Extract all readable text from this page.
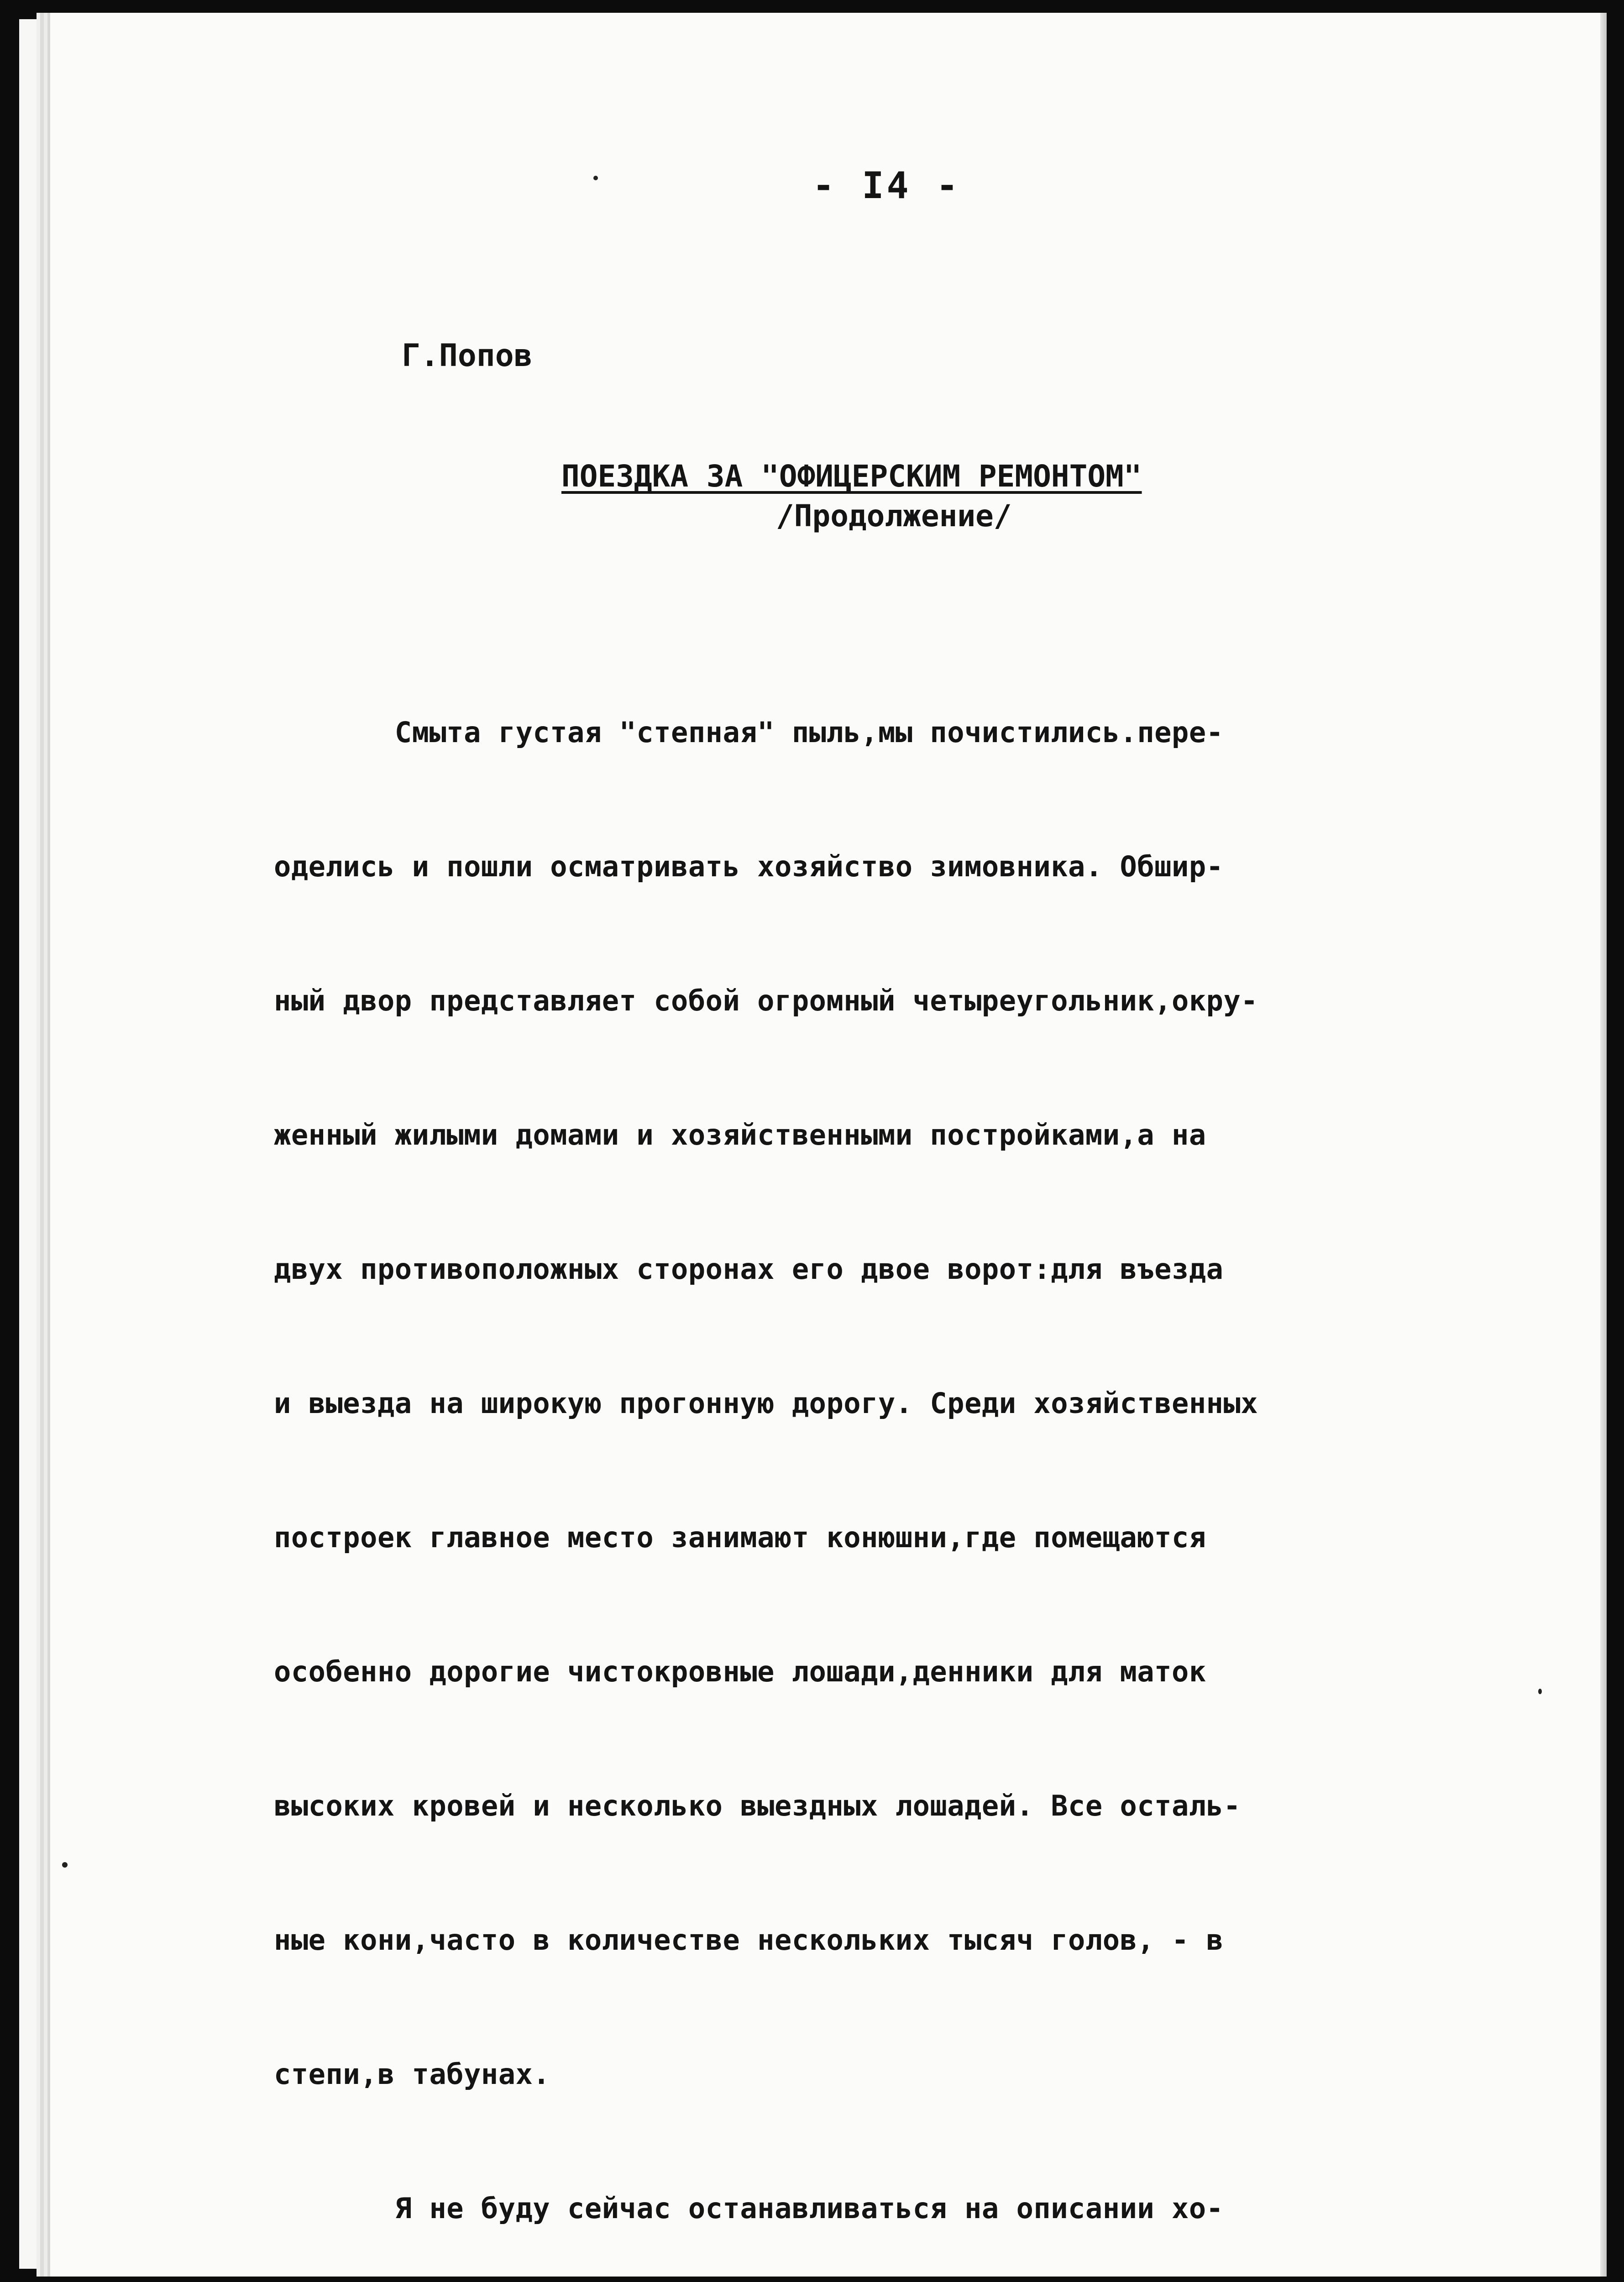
- I4 -
Г.Попов
ПОЕЗДКА ЗА "ОФИЦЕРСКИМ РЕМОНТОМ"
/Продолжение/

Смыта густая "степная" пыль,мы почистились.пере-

оделись и пошли осматривать хозяйство зимовника. Обшир-

ный двор представляет собой огромный четыреугольник,окру-

женный жилыми домами и хозяйственными постройками,а на

двух противоположных сторонах его двое ворот:для въезда

и выезда на широкую прогонную дорогу. Среди хозяйственных

построек главное место занимают конюшни,где помещаются

особенно дорогие чистокровные лошади,денники для маток

высоких кровей и несколько выездных лошадей. Все осталь-

ные кони,часто в количестве нескольких тысяч голов, - в

степи,в табунах.

Я не буду сейчас останавливаться на описании хо-
